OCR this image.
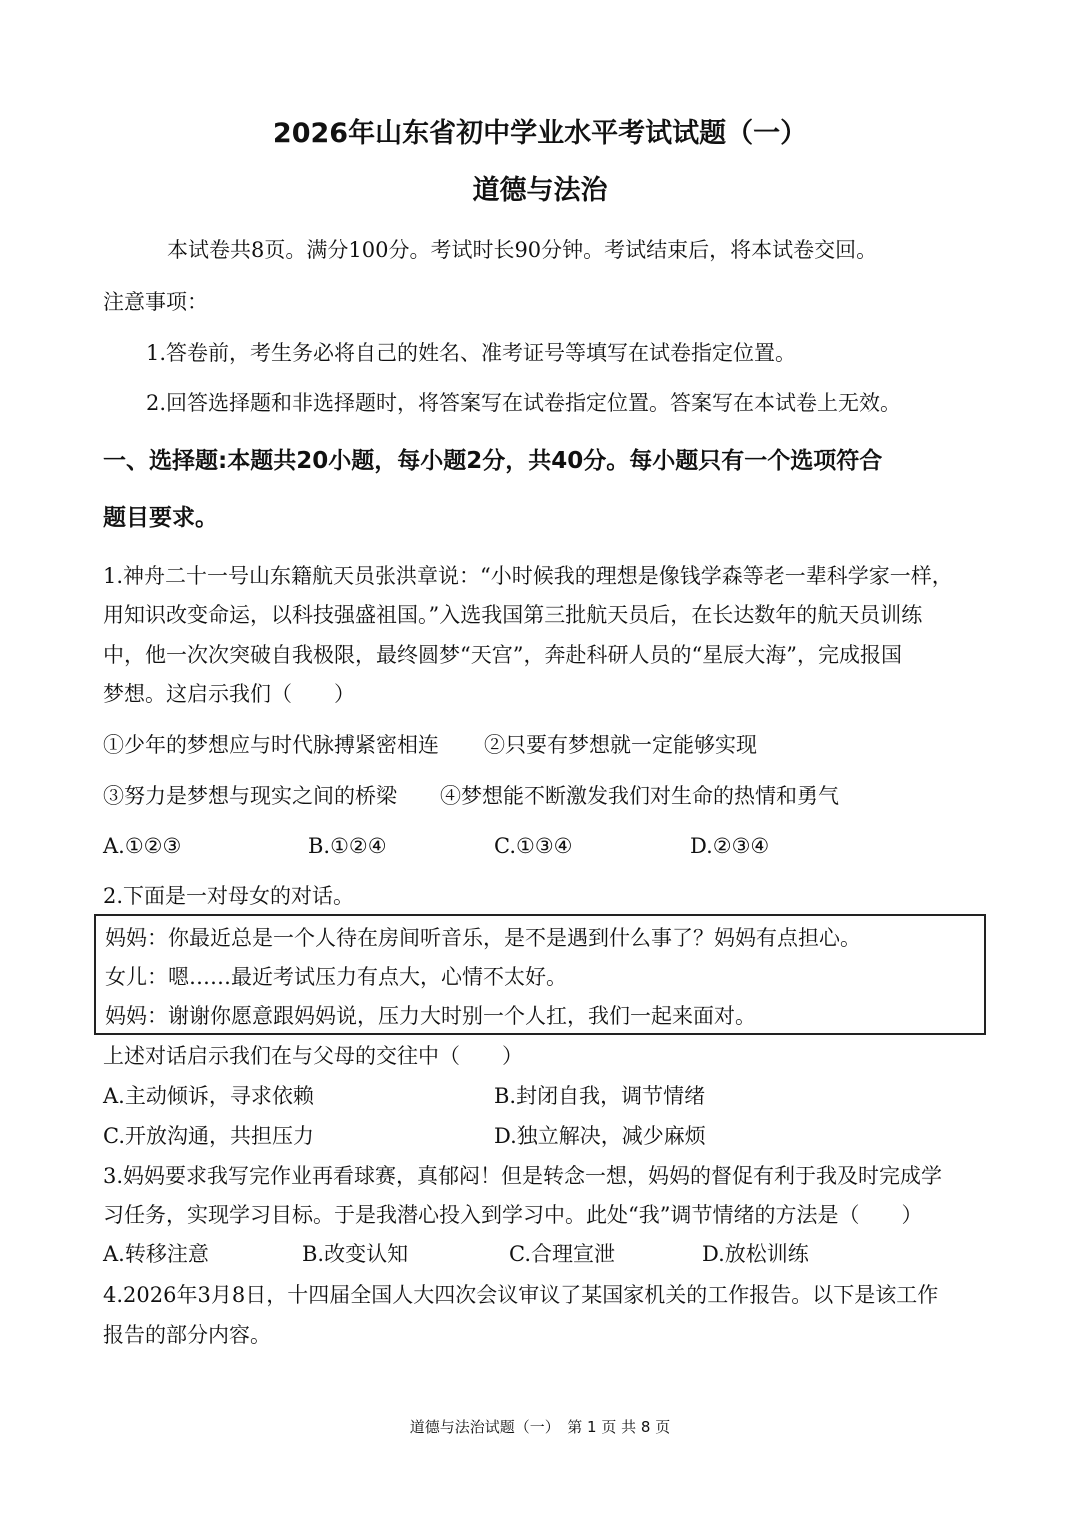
2026年山东省初中学业水平考试试题（一）
道德与法治
本试卷共8页。满分100分。考试时长90分钟。考试结束后，将本试卷交回。
注意事项：
1.答卷前，考生务必将自己的姓名、准考证号等填写在试卷指定位置。
2.回答选择题和非选择题时，将答案写在试卷指定位置。答案写在本试卷上无效。
一、选择题:本题共20小题，每小题2分，共40分。每小题只有一个选项符合
题目要求。
1.神舟二十一号山东籍航天员张洪章说：“小时候我的理想是像钱学森等老一辈科学家一样，
用知识改变命运，以科技强盛祖国。”入选我国第三批航天员后，在长达数年的航天员训练
中，他一次次突破自我极限，最终圆梦“天宫”，奔赴科研人员的“星辰大海”，完成报国
梦想。这启示我们（　　）
①少年的梦想应与时代脉搏紧密相连 ②只要有梦想就一定能够实现
③努力是梦想与现实之间的桥梁 ④梦想能不断激发我们对生命的热情和勇气
A.①②③	B.①②④	C.①③④	D.②③④
2.下面是一对母女的对话。
妈妈：你最近总是一个人待在房间听音乐，是不是遇到什么事了？妈妈有点担心。
女儿：嗯……最近考试压力有点大，心情不太好。
妈妈：谢谢你愿意跟妈妈说，压力大时别一个人扛，我们一起来面对。
上述对话启示我们在与父母的交往中（　　）
A.主动倾诉，寻求依赖	B.封闭自我，调节情绪
C.开放沟通，共担压力	D.独立解决，减少麻烦
3.妈妈要求我写完作业再看球赛，真郁闷！但是转念一想，妈妈的督促有利于我及时完成学
习任务，实现学习目标。于是我潜心投入到学习中。此处“我”调节情绪的方法是（　　）
A.转移注意	B.改变认知	C.合理宣泄	D.放松训练
4.2026年3月8日，十四届全国人大四次会议审议了某国家机关的工作报告。以下是该工作
报告的部分内容。
道德与法治试题（一）　第 1 页 共 8 页
